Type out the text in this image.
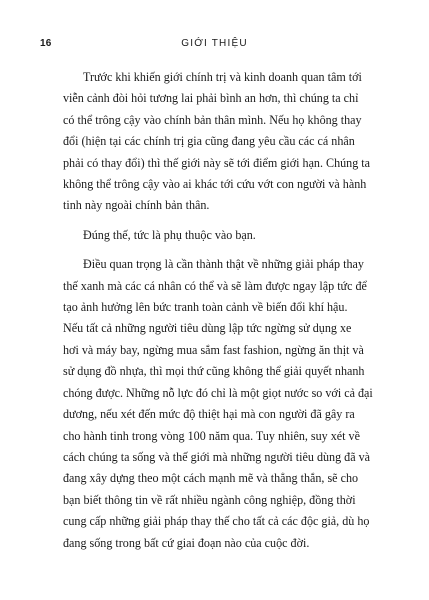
16	GIỚI THIỆU
Trước khi khiến giới chính trị và kinh doanh quan tâm tới
viễn cảnh đòi hỏi tương lai phải bình an hơn, thì chúng ta chỉ
có thể trông cậy vào chính bản thân mình. Nếu họ không thay
đổi (hiện tại các chính trị gia cũng đang yêu cầu các cá nhân
phải có thay đổi) thì thế giới này sẽ tới điểm giới hạn. Chúng ta
không thể trông cậy vào ai khác tới cứu vớt con người và hành
tinh này ngoài chính bản thân.
Đúng thế, tức là phụ thuộc vào bạn.
Điều quan trọng là cần thành thật về những giải pháp thay
thế xanh mà các cá nhân có thể và sẽ làm được ngay lập tức để
tạo ảnh hưởng lên bức tranh toàn cảnh về biến đổi khí hậu.
Nếu tất cả những người tiêu dùng lập tức ngừng sử dụng xe
hơi và máy bay, ngừng mua sắm fast fashion, ngừng ăn thịt và
sử dụng đồ nhựa, thì mọi thứ cũng không thể giải quyết nhanh
chóng được. Những nỗ lực đó chỉ là một giọt nước so với cả đại
dương, nếu xét đến mức độ thiệt hại mà con người đã gây ra
cho hành tinh trong vòng 100 năm qua. Tuy nhiên, suy xét về
cách chúng ta sống và thế giới mà những người tiêu dùng đã và
đang xây dựng theo một cách mạnh mẽ và thẳng thắn, sẽ cho
bạn biết thông tin về rất nhiều ngành công nghiệp, đồng thời
cung cấp những giải pháp thay thế cho tất cả các độc giả, dù họ
đang sống trong bất cứ giai đoạn nào của cuộc đời.
